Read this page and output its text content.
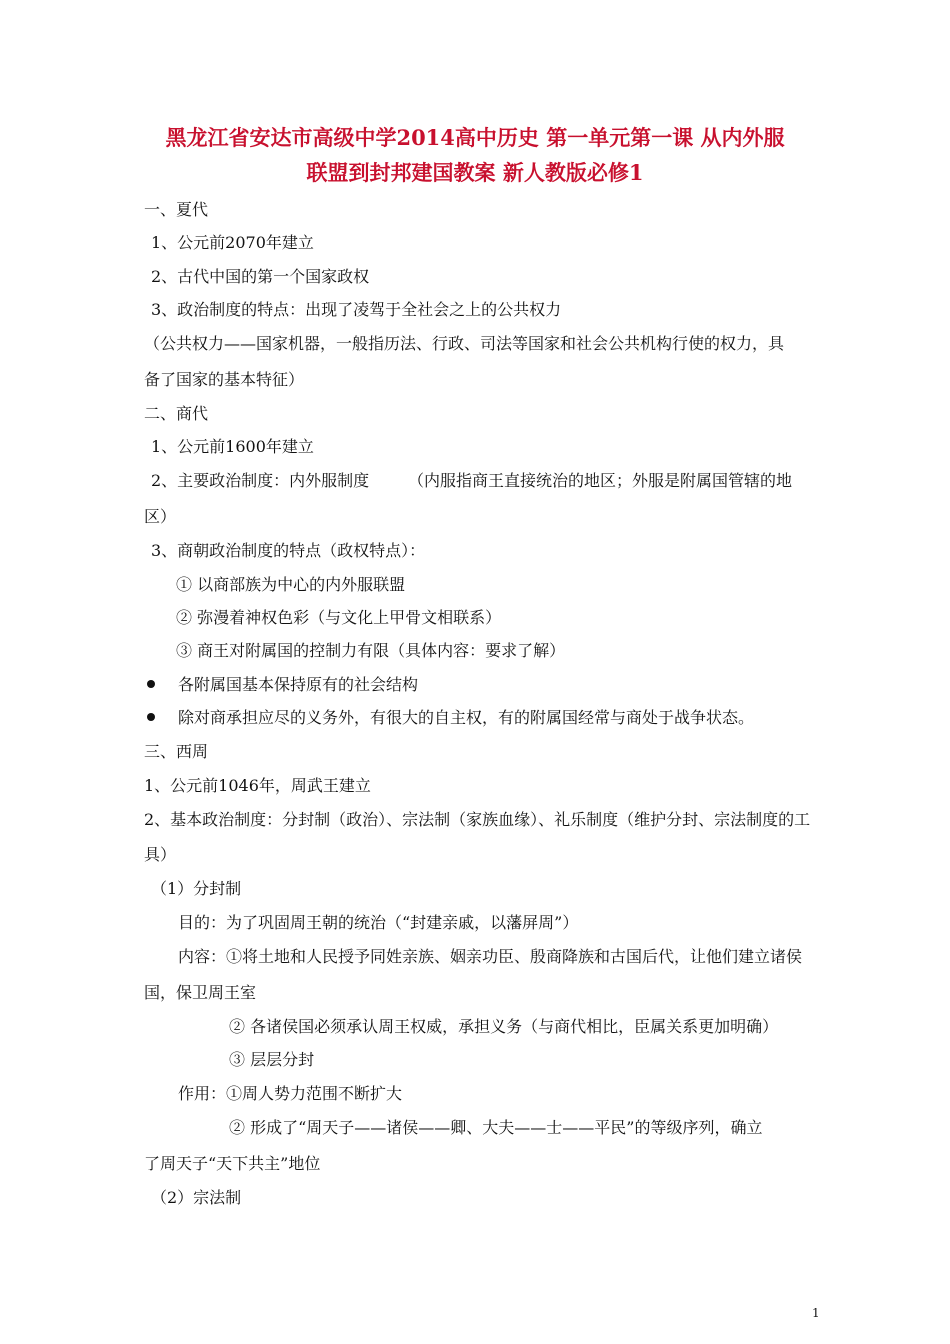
黑龙江省安达市高级中学2014高中历史 第一单元第一课 从内外服
联盟到封邦建国教案 新人教版必修1
一、夏代
1、公元前2070年建立
2、古代中国的第一个国家政权
3、政治制度的特点：出现了凌驾于全社会之上的公共权力
（公共权力——国家机器，一般指历法、行政、司法等国家和社会公共机构行使的权力，具
备了国家的基本特征）
二、商代
1、公元前1600年建立
2、主要政治制度：内外服制度 （内服指商王直接统治的地区；外服是附属国管辖的地
区）
3、商朝政治制度的特点（政权特点）：
① 以商部族为中心的内外服联盟
② 弥漫着神权色彩（与文化上甲骨文相联系）
③ 商王对附属国的控制力有限（具体内容：要求了解）
各附属国基本保持原有的社会结构
除对商承担应尽的义务外，有很大的自主权，有的附属国经常与商处于战争状态。
三、西周
1、公元前1046年，周武王建立
2、基本政治制度：分封制（政治）、宗法制（家族血缘）、礼乐制度（维护分封、宗法制度的工
具）
（1）分封制
目的：为了巩固周王朝的统治（“封建亲戚，以藩屏周”）
内容：①将土地和人民授予同姓亲族、姻亲功臣、殷商降族和古国后代，让他们建立诸侯
国，保卫周王室
② 各诸侯国必须承认周王权威，承担义务（与商代相比，臣属关系更加明确）
③ 层层分封
作用：①周人势力范围不断扩大
② 形成了“周天子——诸侯——卿、大夫——士——平民”的等级序列，确立
了周天子“天下共主”地位
（2）宗法制
1
